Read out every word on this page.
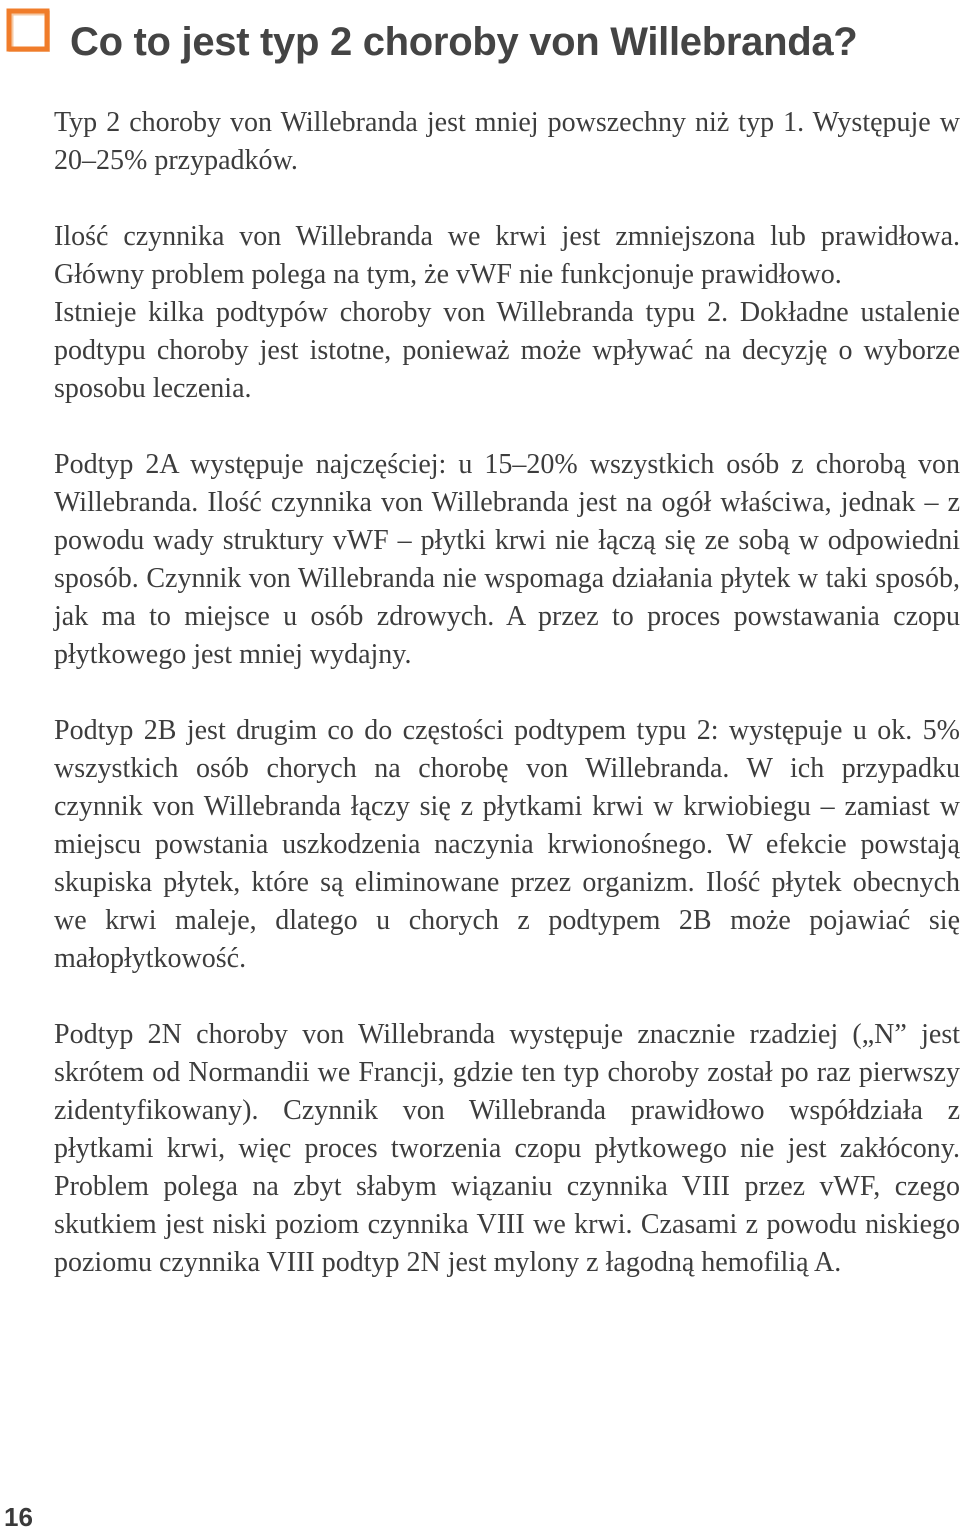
Co to jest typ 2 choroby von Willebranda?

Typ 2 choroby von Willebranda jest mniej powszechny niż typ 1. Występuje w 20–25% przypadków.

Ilość czynnika von Willebranda we krwi jest zmniejszona lub prawidłowa. Główny problem polega na tym, że vWF nie funkcjonuje prawidłowo.

Istnieje kilka podtypów choroby von Willebranda typu 2. Dokładne ustalenie podtypu choroby jest istotne, ponieważ może wpływać na decyzję o wyborze sposobu leczenia.

Podtyp 2A występuje najczęściej: u 15–20% wszystkich osób z chorobą von Willebranda. Ilość czynnika von Willebranda jest na ogół właściwa, jednak – z powodu wady struktury vWF – płytki krwi nie łączą się ze sobą w odpowiedni sposób. Czynnik von Willebranda nie wspomaga działania płytek w taki sposób, jak ma to miejsce u osób zdrowych. A przez to proces powstawania czopu płytkowego jest mniej wydajny.

Podtyp 2B jest drugim co do częstości podtypem typu 2: występuje u ok. 5% wszystkich osób chorych na chorobę von Willebranda. W ich przypadku czynnik von Willebranda łączy się z płytkami krwi w krwiobiegu – zamiast w miejscu powstania uszkodzenia naczynia krwionośnego. W efekcie powstają skupiska płytek, które są eliminowane przez organizm. Ilość płytek obecnych we krwi maleje, dlatego u chorych z podtypem 2B może pojawiać się małopłytkowość.

Podtyp 2N choroby von Willebranda występuje znacznie rzadziej („N” jest skrótem od Normandii we Francji, gdzie ten typ choroby został po raz pierwszy zidentyfikowany). Czynnik von Willebranda prawidłowo współdziała z płytkami krwi, więc proces tworzenia czopu płytkowego nie jest zakłócony. Problem polega na zbyt słabym wiązaniu czynnika VIII przez vWF, czego skutkiem jest niski poziom czynnika VIII we krwi. Czasami z powodu niskiego poziomu czynnika VIII podtyp 2N jest mylony z łagodną hemofilią A.

16
